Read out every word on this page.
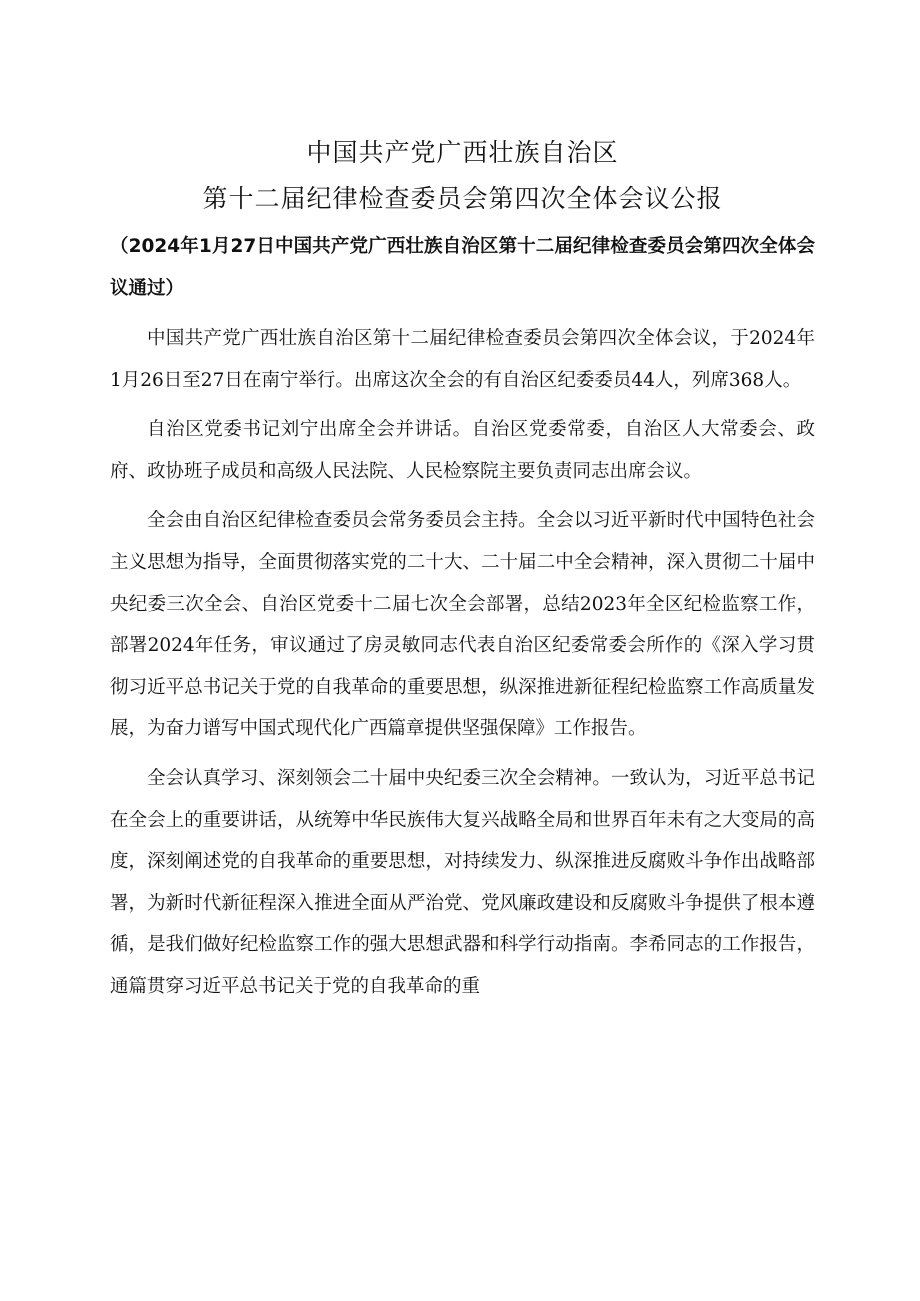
中国共产党广西壮族自治区
第十二届纪律检查委员会第四次全体会议公报

（2024年1月27日中国共产党广西壮族自治区第十二届纪律检查委员会第四次全体会议通过）

中国共产党广西壮族自治区第十二届纪律检查委员会第四次全体会议，于2024年1月26日至27日在南宁举行。出席这次全会的有自治区纪委委员44人，列席368人。

自治区党委书记刘宁出席全会并讲话。自治区党委常委，自治区人大常委会、政府、政协班子成员和高级人民法院、人民检察院主要负责同志出席会议。

全会由自治区纪律检查委员会常务委员会主持。全会以习近平新时代中国特色社会主义思想为指导，全面贯彻落实党的二十大、二十届二中全会精神，深入贯彻二十届中央纪委三次全会、自治区党委十二届七次全会部署，总结2023年全区纪检监察工作，部署2024年任务，审议通过了房灵敏同志代表自治区纪委常委会所作的《深入学习贯彻习近平总书记关于党的自我革命的重要思想，纵深推进新征程纪检监察工作高质量发展，为奋力谱写中国式现代化广西篇章提供坚强保障》工作报告。

全会认真学习、深刻领会二十届中央纪委三次全会精神。一致认为，习近平总书记在全会上的重要讲话，从统筹中华民族伟大复兴战略全局和世界百年未有之大变局的高度，深刻阐述党的自我革命的重要思想，对持续发力、纵深推进反腐败斗争作出战略部署，为新时代新征程深入推进全面从严治党、党风廉政建设和反腐败斗争提供了根本遵循，是我们做好纪检监察工作的强大思想武器和科学行动指南。李希同志的工作报告，通篇贯穿习近平总书记关于党的自我革命的重
